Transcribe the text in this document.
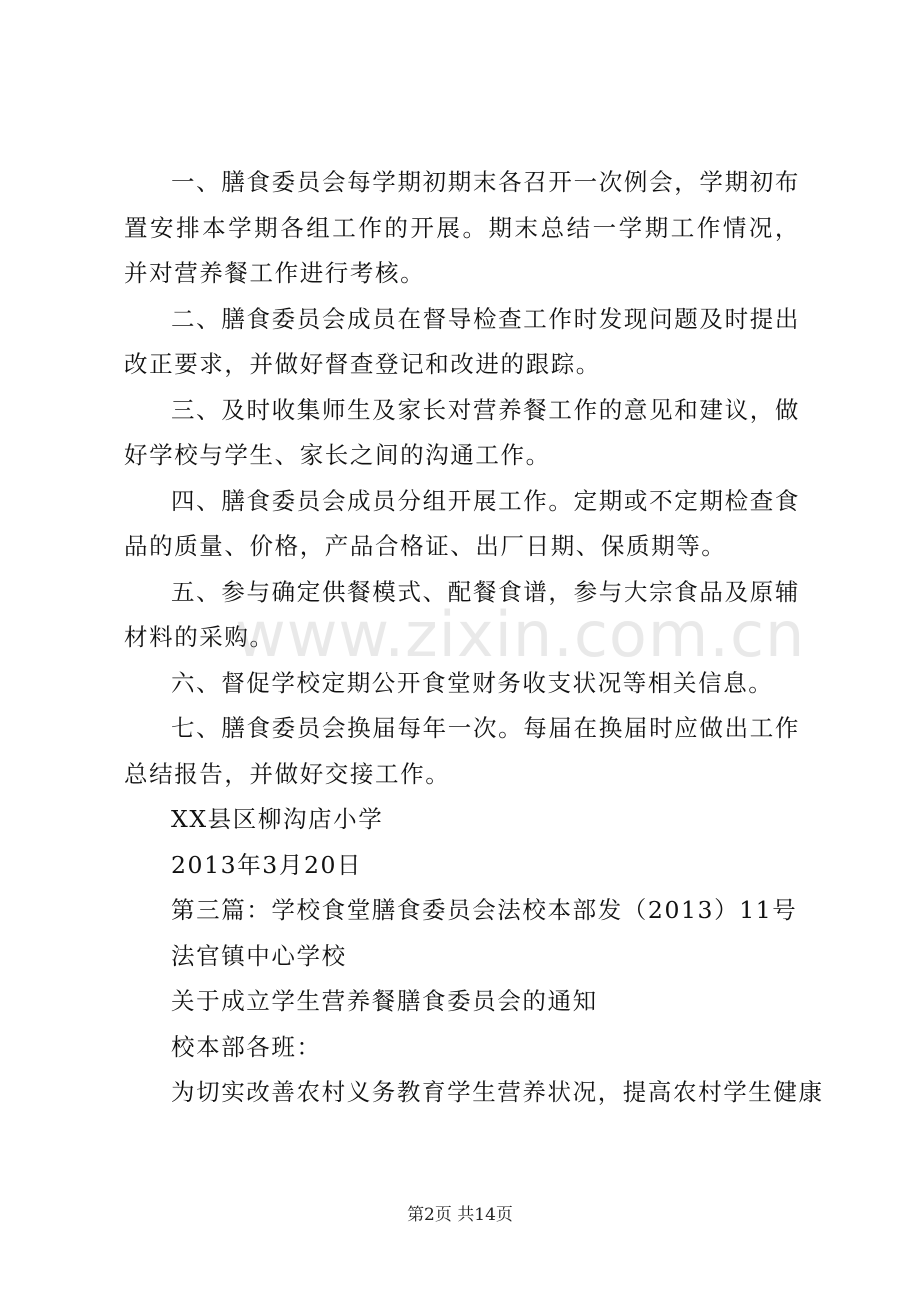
一、膳食委员会每学期初期末各召开一次例会，学期初布置安排本学期各组工作的开展。期末总结一学期工作情况，并对营养餐工作进行考核。

二、膳食委员会成员在督导检查工作时发现问题及时提出改正要求，并做好督查登记和改进的跟踪。

三、及时收集师生及家长对营养餐工作的意见和建议，做好学校与学生、家长之间的沟通工作。

四、膳食委员会成员分组开展工作。定期或不定期检查食品的质量、价格，产品合格证、出厂日期、保质期等。

五、参与确定供餐模式、配餐食谱，参与大宗食品及原辅材料的采购。

六、督促学校定期公开食堂财务收支状况等相关信息。

七、膳食委员会换届每年一次。每届在换届时应做出工作总结报告，并做好交接工作。

XX县区柳沟店小学

2013年3月20日

第三篇：学校食堂膳食委员会法校本部发（2013）11号

法官镇中心学校

关于成立学生营养餐膳食委员会的通知

校本部各班：

为切实改善农村义务教育学生营养状况，提高农村学生健康

www.zixin.com.cn
第2页 共14页
